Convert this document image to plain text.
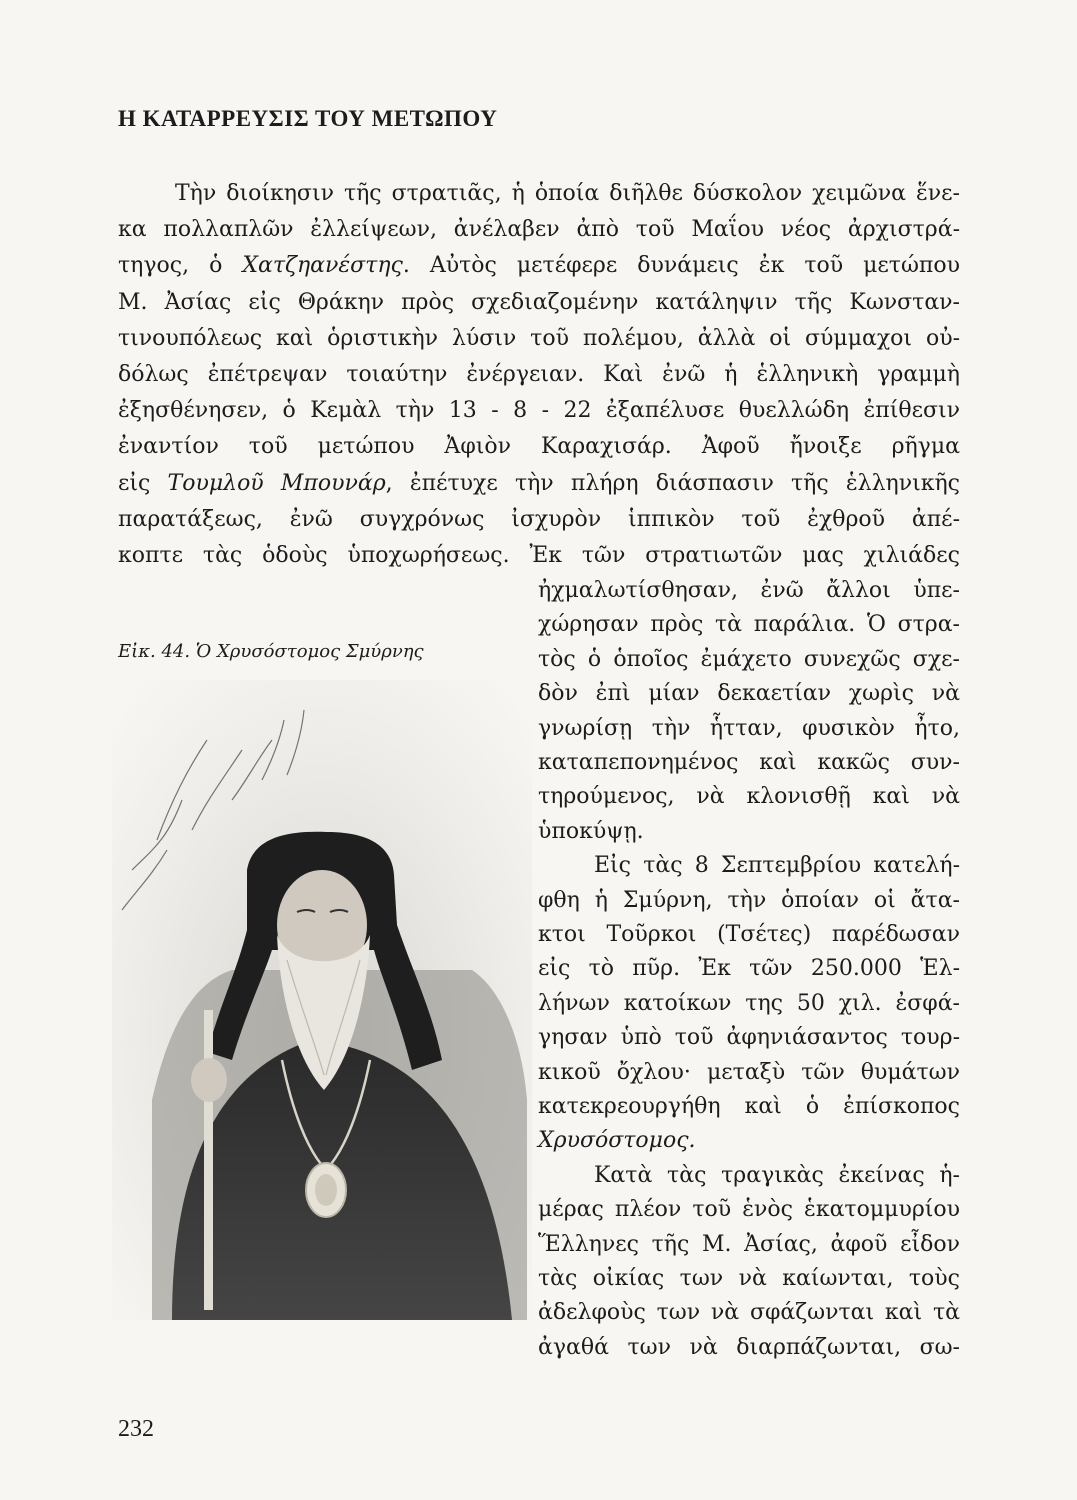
Η ΚΑΤΑΡΡΕΥΣΙΣ ΤΟΥ ΜΕΤΩΠΟΥ
Τὴν διοίκησιν τῆς στρατιᾶς, ἡ ὁποία διῆλθε δύσκολον χειμῶνα ἕνε-
κα πολλαπλῶν ἐλλείψεων, ἀνέλαβεν ἀπὸ τοῦ Μαΐου νέος ἀρχιστρά-
τηγος, ὁ Χατζηανέστης. Αὐτὸς μετέφερε δυνάμεις ἐκ τοῦ μετώπου
Μ. Ἀσίας εἰς Θράκην πρὸς σχεδιαζομένην κατάληψιν τῆς Κωνσταν-
τινουπόλεως καὶ ὁριστικὴν λύσιν τοῦ πολέμου, ἀλλὰ οἱ σύμμαχοι οὐ-
δόλως ἐπέτρεψαν τοιαύτην ἐνέργειαν. Καὶ ἐνῶ ἡ ἑλληνικὴ γραμμὴ
ἐξησθένησεν, ὁ Κεμὰλ τὴν 13 - 8 - 22 ἐξαπέλυσε θυελλώδη ἐπίθεσιν
ἐναντίον τοῦ μετώπου Ἀφιὸν Καραχισάρ. Ἀφοῦ ἤνοιξε ρῆγμα
εἰς Τουμλοῦ Μπουνάρ, ἐπέτυχε τὴν πλήρη διάσπασιν τῆς ἑλληνικῆς
παρατάξεως, ἐνῶ συγχρόνως ἰσχυρὸν ἱππικὸν τοῦ ἐχθροῦ ἀπέ-
κοπτε τὰς ὁδοὺς ὑποχωρήσεως. Ἐκ τῶν στρατιωτῶν μας χιλιάδες
Εἰκ. 44. Ὁ Χρυσόστομος Σμύρνης
ἠχμαλωτίσθησαν, ἐνῶ ἄλλοι ὑπε-
χώρησαν πρὸς τὰ παράλια. Ὁ στρα-
τὸς ὁ ὁποῖος ἐμάχετο συνεχῶς σχε-
δὸν ἐπὶ μίαν δεκαετίαν χωρὶς νὰ
γνωρίσῃ τὴν ἧτταν, φυσικὸν ἦτο,
καταπεπονημένος καὶ κακῶς συν-
τηρούμενος, νὰ κλονισθῇ καὶ νὰ
ὑποκύψῃ.
Εἰς τὰς 8 Σεπτεμβρίου κατελή-
φθη ἡ Σμύρνη, τὴν ὁποίαν οἱ ἄτα-
κτοι Τοῦρκοι (Τσέτες) παρέδωσαν
εἰς τὸ πῦρ. Ἐκ τῶν 250.000 Ἑλ-
λήνων κατοίκων της 50 χιλ. ἐσφά-
γησαν ὑπὸ τοῦ ἀφηνιάσαντος τουρ-
κικοῦ ὄχλου· μεταξὺ τῶν θυμάτων
κατεκρεουργήθη καὶ ὁ ἐπίσκοπος
Χρυσόστομος.
Κατὰ τὰς τραγικὰς ἐκείνας ἡ-
μέρας πλέον τοῦ ἑνὸς ἑκατομμυρίου
Ἕλληνες τῆς Μ. Ἀσίας, ἀφοῦ εἶδον
τὰς οἰκίας των νὰ καίωνται, τοὺς
ἀδελφοὺς των νὰ σφάζωνται καὶ τὰ
ἀγαθά των νὰ διαρπάζωνται, σω-
232
